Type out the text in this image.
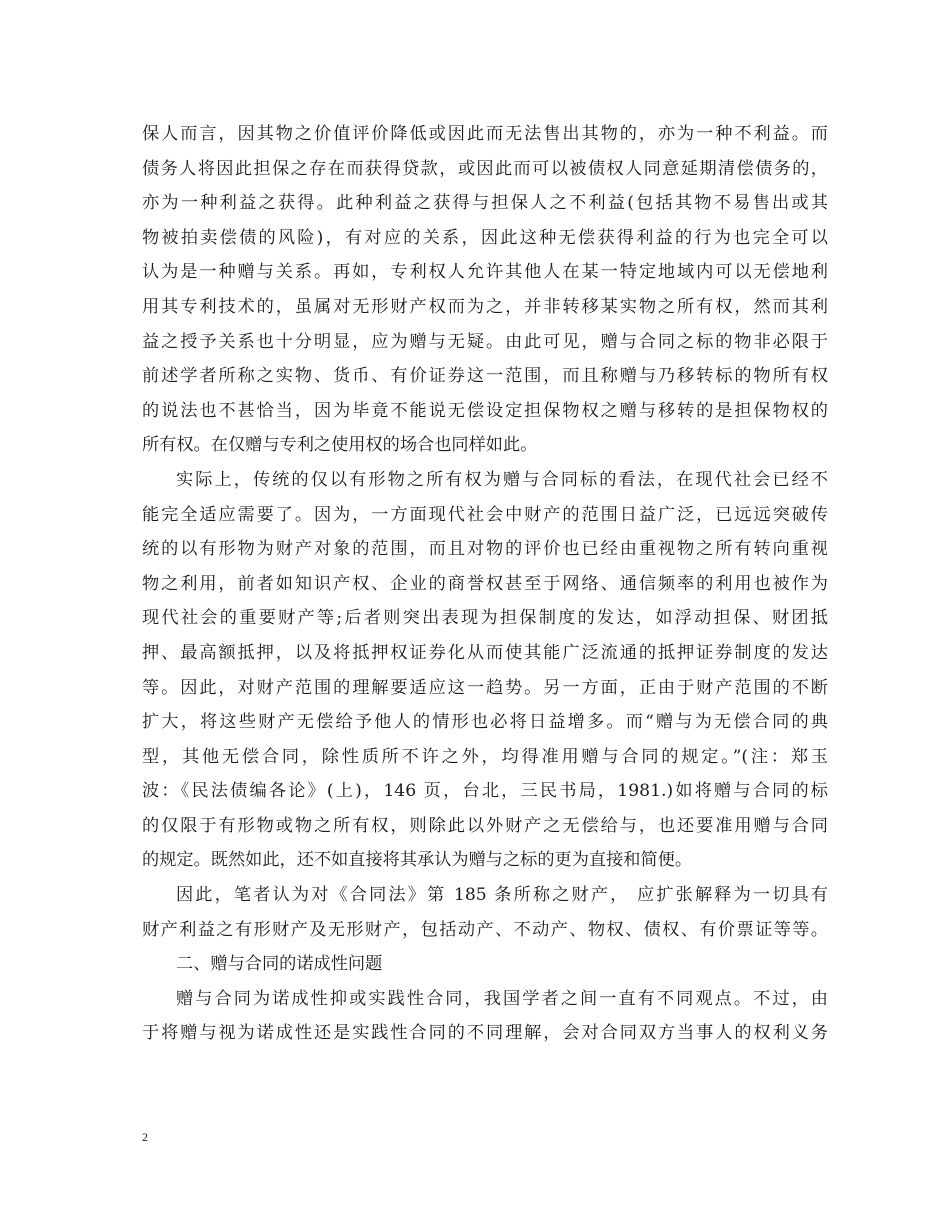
保人而言，因其物之价值评价降低或因此而无法售出其物的，亦为一种不利益。而
债务人将因此担保之存在而获得贷款，或因此而可以被债权人同意延期清偿债务的，
亦为一种利益之获得。此种利益之获得与担保人之不利益(包括其物不易售出或其
物被拍卖偿债的风险)，有对应的关系，因此这种无偿获得利益的行为也完全可以
认为是一种赠与关系。再如，专利权人允许其他人在某一特定地域内可以无偿地利
用其专利技术的，虽属对无形财产权而为之，并非转移某实物之所有权，然而其利
益之授予关系也十分明显，应为赠与无疑。由此可见，赠与合同之标的物非必限于
前述学者所称之实物、货币、有价证券这一范围，而且称赠与乃移转标的物所有权
的说法也不甚恰当，因为毕竟不能说无偿设定担保物权之赠与移转的是担保物权的
所有权。在仅赠与专利之使用权的场合也同样如此。
实际上，传统的仅以有形物之所有权为赠与合同标的看法，在现代社会已经不
能完全适应需要了。因为，一方面现代社会中财产的范围日益广泛，已远远突破传
统的以有形物为财产对象的范围，而且对物的评价也已经由重视物之所有转向重视
物之利用，前者如知识产权、企业的商誉权甚至于网络、通信频率的利用也被作为
现代社会的重要财产等;后者则突出表现为担保制度的发达，如浮动担保、财团抵
押、最高额抵押，以及将抵押权证券化从而使其能广泛流通的抵押证券制度的发达
等。因此，对财产范围的理解要适应这一趋势。另一方面，正由于财产范围的不断
扩大，将这些财产无偿给予他人的情形也必将日益增多。而“赠与为无偿合同的典
型，其他无偿合同，除性质所不许之外，均得准用赠与合同的规定。”(注：郑玉
波：《民法债编各论》(上)，146 页，台北，三民书局，1981.)如将赠与合同的标
的仅限于有形物或物之所有权，则除此以外财产之无偿给与，也还要准用赠与合同
的规定。既然如此，还不如直接将其承认为赠与之标的更为直接和简便。
因此，笔者认为对《合同法》第 185 条所称之财产， 应扩张解释为一切具有
财产利益之有形财产及无形财产，包括动产、不动产、物权、债权、有价票证等等。
二、赠与合同的诺成性问题
赠与合同为诺成性抑或实践性合同，我国学者之间一直有不同观点。不过，由
于将赠与视为诺成性还是实践性合同的不同理解，会对合同双方当事人的权利义务
2
